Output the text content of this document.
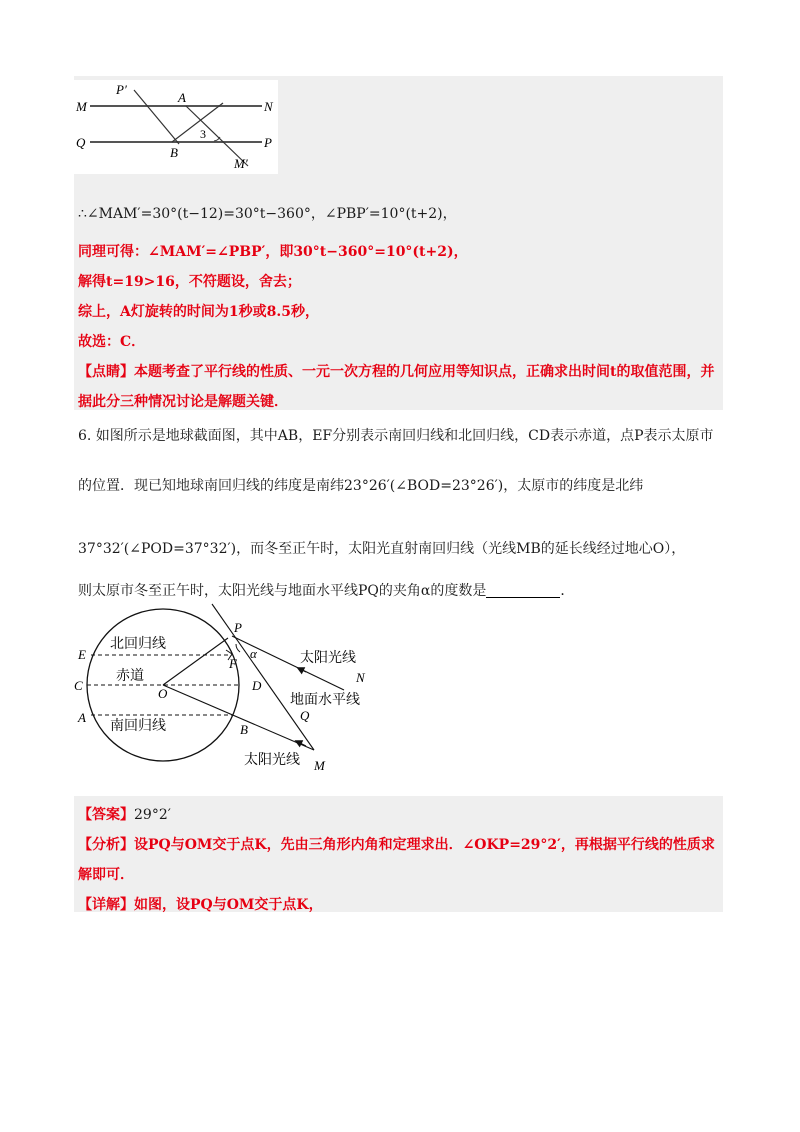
M	N
Q	P
A
B
P′
M′
3
∴∠MAM′=30°(t−12)=30°t−360°，∠PBP′=10°(t+2)，
同理可得：∠MAM′=∠PBP′，即30°t−360°=10°(t+2)，
解得t=19>16，不符题设，舍去；
综上，A灯旋转的时间为1秒或8.5秒，
故选：C．
【点睛】本题考查了平行线的性质、一元一次方程的几何应用等知识点，正确求出时间t的取值范围，并
据此分三种情况讨论是解题关键．
6. 如图所示是地球截面图，其中AB，EF分别表示南回归线和北回归线，CD表示赤道，点P表示太原市
的位置．现已知地球南回归线的纬度是南纬23°26′(∠BOD=23°26′)，太原市的纬度是北纬
37°32′(∠POD=37°32′)，而冬至正午时，太阳光直射南回归线（光线MB的延长线经过地心O），
则太原市冬至正午时，太阳光线与地面水平线PQ的夹角α的度数是	．
P
E
C
A
O
D
B
F
N
Q
M
α
北回归线
赤道
南回归线
太阳光线
地面水平线
太阳光线
【答案】29°2′
【分析】设PQ与OM交于点K，先由三角形内角和定理求出．∠OKP=29°2′，再根据平行线的性质求
解即可．
【详解】如图，设PQ与OM交于点K，
